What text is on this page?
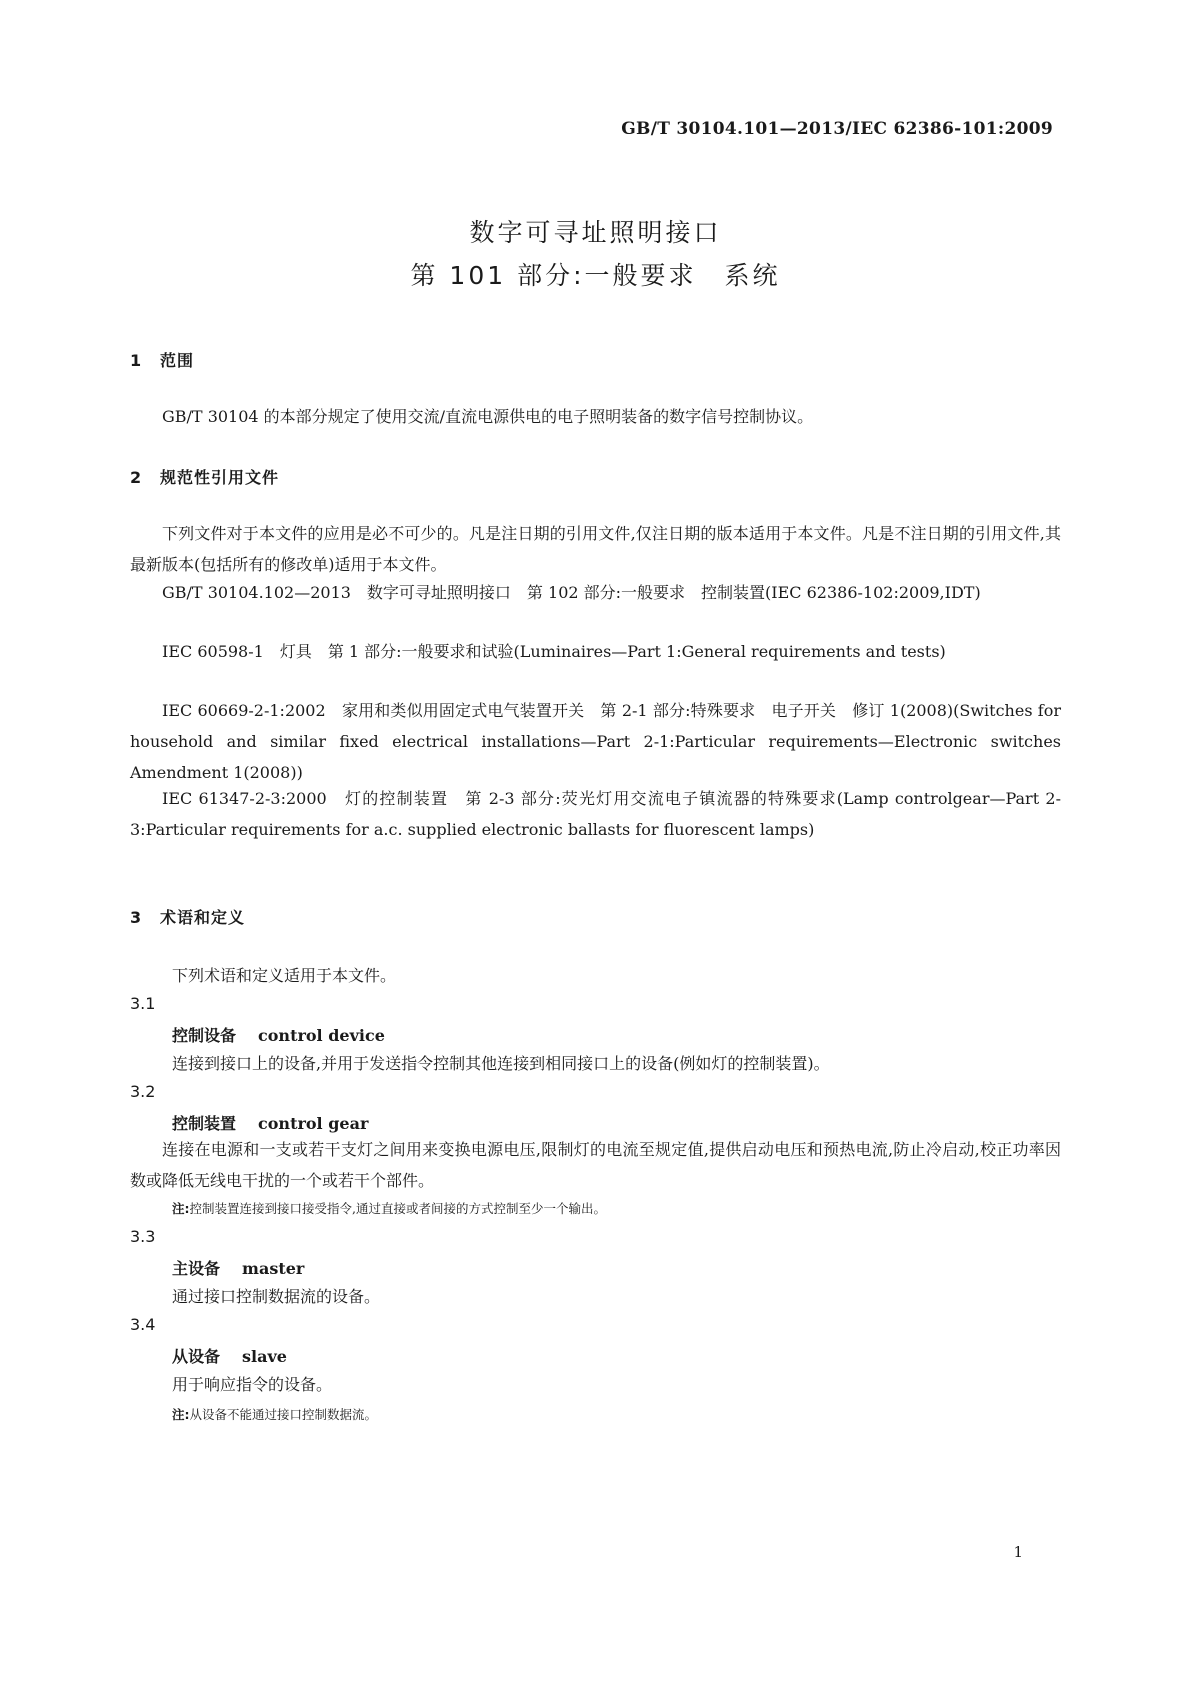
GB/T 30104.101—2013/IEC 62386-101:2009
数字可寻址照明接口
第 101 部分:一般要求　系统
1 范围
GB/T 30104 的本部分规定了使用交流/直流电源供电的电子照明装备的数字信号控制协议。
2 规范性引用文件
下列文件对于本文件的应用是必不可少的。凡是注日期的引用文件,仅注日期的版本适用于本文件。凡是不注日期的引用文件,其最新版本(包括所有的修改单)适用于本文件。
GB/T 30104.102—2013　数字可寻址照明接口　第 102 部分:一般要求　控制装置(IEC 62386-102:2009,IDT)
IEC 60598-1　灯具　第 1 部分:一般要求和试验(Luminaires—Part 1:General requirements and tests)
IEC 60669-2-1:2002　家用和类似用固定式电气装置开关　第 2-1 部分:特殊要求　电子开关　修订 1(2008)(Switches for household and similar fixed electrical installations—Part 2-1:Particular requirements—Electronic switches Amendment 1(2008))
IEC 61347-2-3:2000　灯的控制装置　第 2-3 部分:荧光灯用交流电子镇流器的特殊要求(Lamp controlgear—Part 2-3:Particular requirements for a.c. supplied electronic ballasts for fluorescent lamps)
3 术语和定义
下列术语和定义适用于本文件。
3.1
控制设备 control device
连接到接口上的设备,并用于发送指令控制其他连接到相同接口上的设备(例如灯的控制装置)。
3.2
控制装置 control gear
连接在电源和一支或若干支灯之间用来变换电源电压,限制灯的电流至规定值,提供启动电压和预热电流,防止冷启动,校正功率因数或降低无线电干扰的一个或若干个部件。
注:控制装置连接到接口接受指令,通过直接或者间接的方式控制至少一个输出。
3.3
主设备 master
通过接口控制数据流的设备。
3.4
从设备 slave
用于响应指令的设备。
注:从设备不能通过接口控制数据流。
1
